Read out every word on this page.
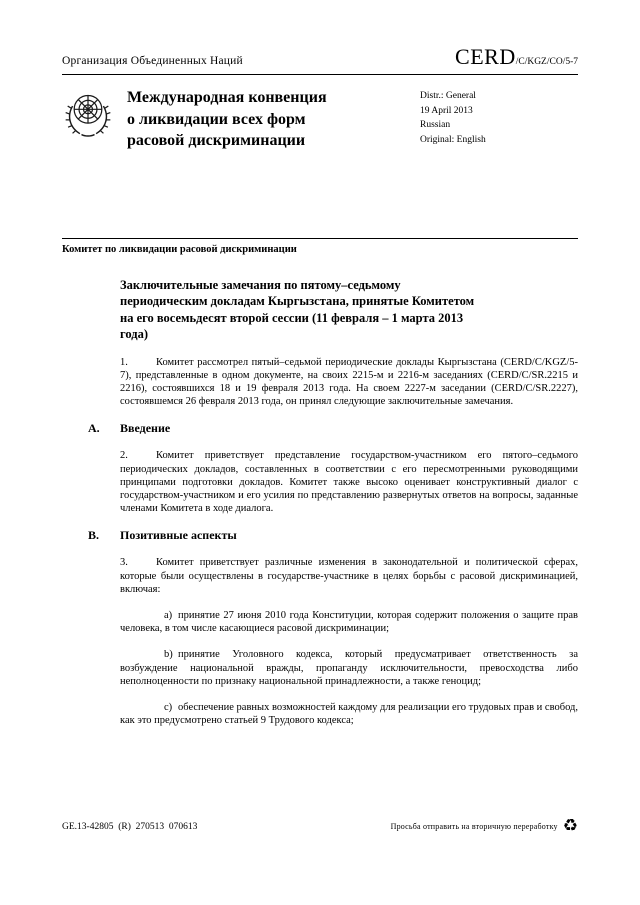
Организация Объединенных Наций	CERD/C/KGZ/CO/5-7
Международная конвенция
о ликвидации всех форм
расовой дискриминации
Distr.: General
19 April 2013
Russian
Original: English
Комитет по ликвидации расовой дискриминации
Заключительные замечания по пятому–седьмому периодическим докладам Кыргызстана, принятые Комитетом на его восемьдесят второй сессии (11 февраля – 1 марта 2013 года)

1.	Комитет рассмотрел пятый–седьмой периодические доклады Кыргызстана (CERD/C/KGZ/5-7), представленные в одном документе, на своих 2215-м и 2216-м заседаниях (CERD/C/SR.2215 и 2216), состоявшихся 18 и 19 февраля 2013 года. На своем 2227-м заседании (CERD/C/SR.2227), состоявшемся 26 февраля 2013 года, он принял следующие заключительные замечания.

A.	Введение

2.	Комитет приветствует представление государством-участником его пятого–седьмого периодических докладов, составленных в соответствии с его пересмотренными руководящими принципами подготовки докладов. Комитет также высоко оценивает конструктивный диалог с государством-участником и его усилия по представлению развернутых ответов на вопросы, заданные членами Комитета в ходе диалога.

B.	Позитивные аспекты

3.	Комитет приветствует различные изменения в законодательной и политической сферах, которые были осуществлены в государстве-участнике в целях борьбы с расовой дискриминацией, включая:

a) принятие 27 июня 2010 года Конституции, которая содержит положения о защите прав человека, в том числе касающиеся расовой дискриминации;

b) принятие Уголовного кодекса, который предусматривает ответственность за возбуждение национальной вражды, пропаганду исключительности, превосходства либо неполноценности по признаку национальной принадлежности, а также геноцид;

c) обеспечение равных возможностей каждому для реализации его трудовых прав и свобод, как это предусмотрено статьей 9 Трудового кодекса;

GE.13-42805  (R)  270513  070613	Просьба отправить на вторичную переработку ♻
